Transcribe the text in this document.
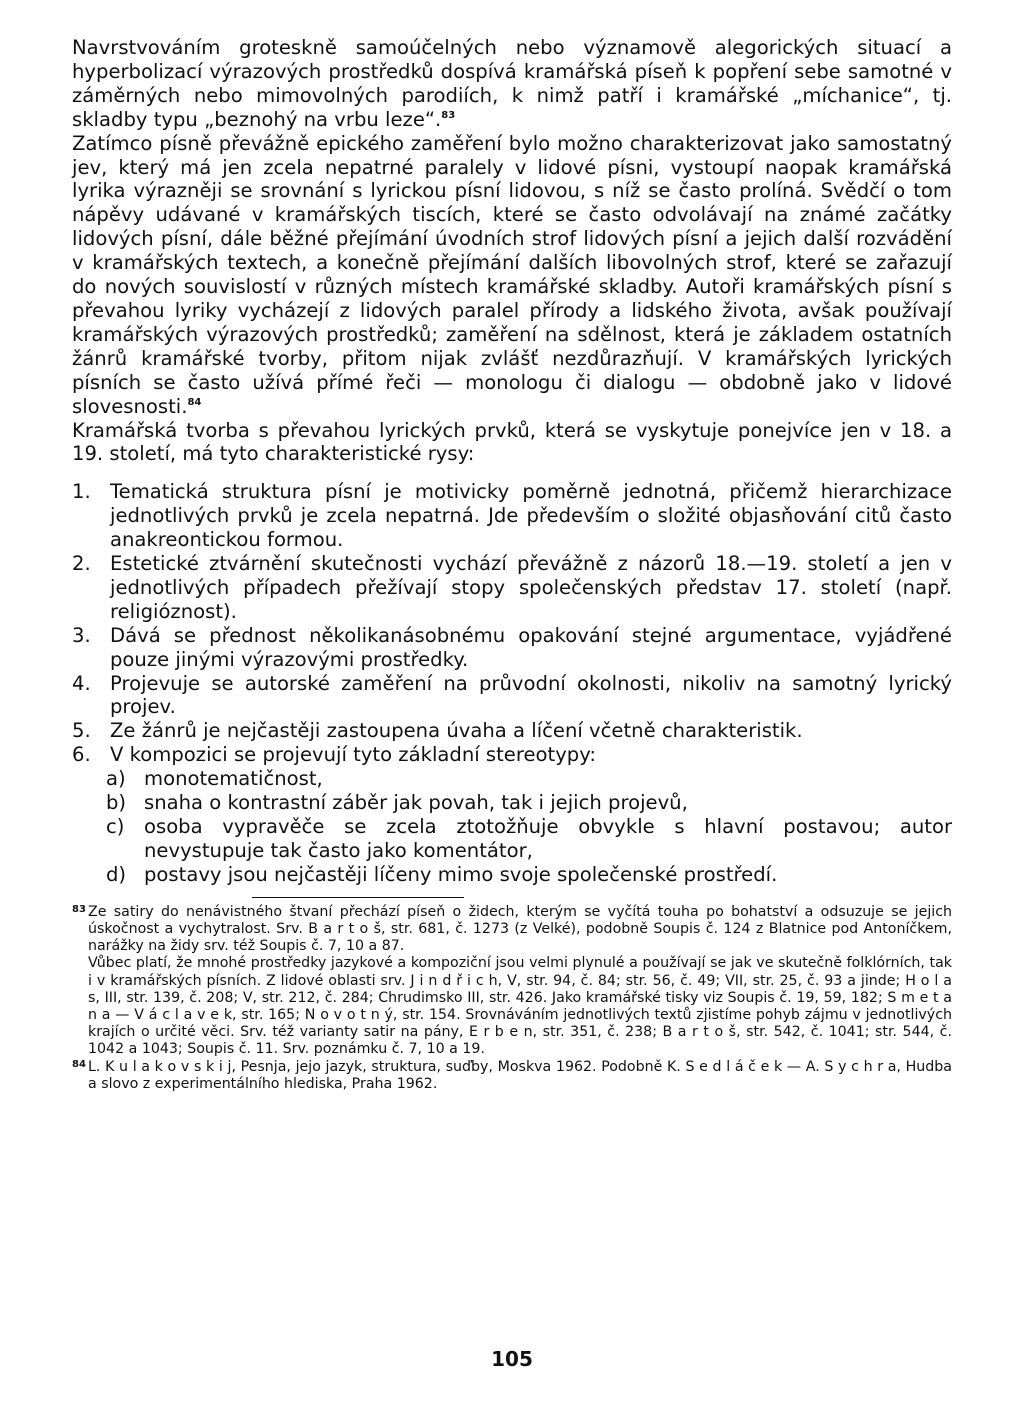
Navrstvováním groteskně samoúčelných nebo významově alegorických situací a hyperbolizací výrazových prostředků dospívá kramářská píseň k popření sebe samotné v záměrných nebo mimovolných parodiích, k nimž patří i kramářské „míchanice“, tj. skladby typu „beznohý na vrbu leze“.$^{83}$

Zatímco písně převážně epického zaměření bylo možno charakterizovat jako samostatný jev, který má jen zcela nepatrné paralely v lidové písni, vystoupí naopak kramářská lyrika výrazněji se srovnání s lyrickou písní lidovou, s níž se často prolíná. Svědčí o tom nápěvy udávané v kramářských tiscích, které se často odvolávají na známé začátky lidových písní, dále běžné přejímání úvodních strof lidových písní a jejich další rozvádění v kramářských textech, a konečně přejímání dalších libovolných strof, které se zařazují do nových souvislostí v různých místech kramářské skladby. Autoři kramářských písní s převahou lyriky vycházejí z lidových paralel přírody a lidského života, avšak používají kramářských výrazových prostředků; zaměření na sdělnost, která je základem ostatních žánrů kramářské tvorby, přitom nijak zvlášť nezdůrazňují. V kramářských lyrických písních se často užívá přímé řeči — monologu či dialogu — obdobně jako v lidové slovesnosti.$^{84}$

Kramářská tvorba s převahou lyrických prvků, která se vyskytuje ponejvíce jen v 18. a 19. století, má tyto charakteristické rysy:

1. Tematická struktura písní je motivicky poměrně jednotná, přičemž hierarchizace jednotlivých prvků je zcela nepatrná. Jde především o složité objasňování citů často anakreontickou formou.
2. Estetické ztvárnění skutečnosti vychází převážně z názorů 18.—19. století a jen v jednotlivých případech přežívají stopy společenských představ 17. století (např. religióznost).
3. Dává se přednost několikanásobnému opakování stejné argumentace, vyjádřené pouze jinými výrazovými prostředky.
4. Projevuje se autorské zaměření na průvodní okolnosti, nikoliv na samotný lyrický projev.
5. Ze žánrů je nejčastěji zastoupena úvaha a líčení včetně charakteristik.
6. V kompozici se projevují tyto základní stereotypy:
a) monotematičnost,
b) snaha o kontrastní záběr jak povah, tak i jejich projevů,
c) osoba vypravěče se zcela ztotožňuje obvykle s hlavní postavou; autor nevystupuje tak často jako komentátor,
d) postavy jsou nejčastěji líčeny mimo svoje společenské prostředí.
83 Ze satiry do nenávistného štvaní přechází píseň o židech, kterým se vyčítá touha po bohatství a odsuzuje se jejich úskočnost a vychytralost. Srv. B a r t o š, str. 681, č. 1273 (z Velké), podobně Soupis č. 124 z Blatnice pod Antoníčkem, narážky na židy srv. též Soupis č. 7, 10 a 87.
Vůbec platí, že mnohé prostředky jazykové a kompoziční jsou velmi plynulé a používají se jak ve skutečně folklórních, tak i v kramářských písních. Z lidové oblasti srv. J i n d ř i c h, V, str. 94, č. 84; str. 56, č. 49; VII, str. 25, č. 93 a jinde; H o l a s, III, str. 139, č. 208; V, str. 212, č. 284; Chrudimsko III, str. 426. Jako kramářské tisky viz Soupis č. 19, 59, 182; S m e t a n a — V á c l a v e k, str. 165; N o v o t n ý, str. 154. Srovnáváním jednotlivých textů zjistíme pohyb zájmu v jednotlivých krajích o určité věci. Srv. též varianty satir na pány, E r b e n, str. 351, č. 238; B a r t o š, str. 542, č. 1041; str. 544, č. 1042 a 1043; Soupis č. 11. Srv. poznámku č. 7, 10 a 19.
84 L. K u l a k o v s k i j, Pesnja, jejo jazyk, struktura, suďby, Moskva 1962. Podobně K. S e d l á č e k — A. S y c h r a, Hudba a slovo z experimentálního hlediska, Praha 1962.
105
